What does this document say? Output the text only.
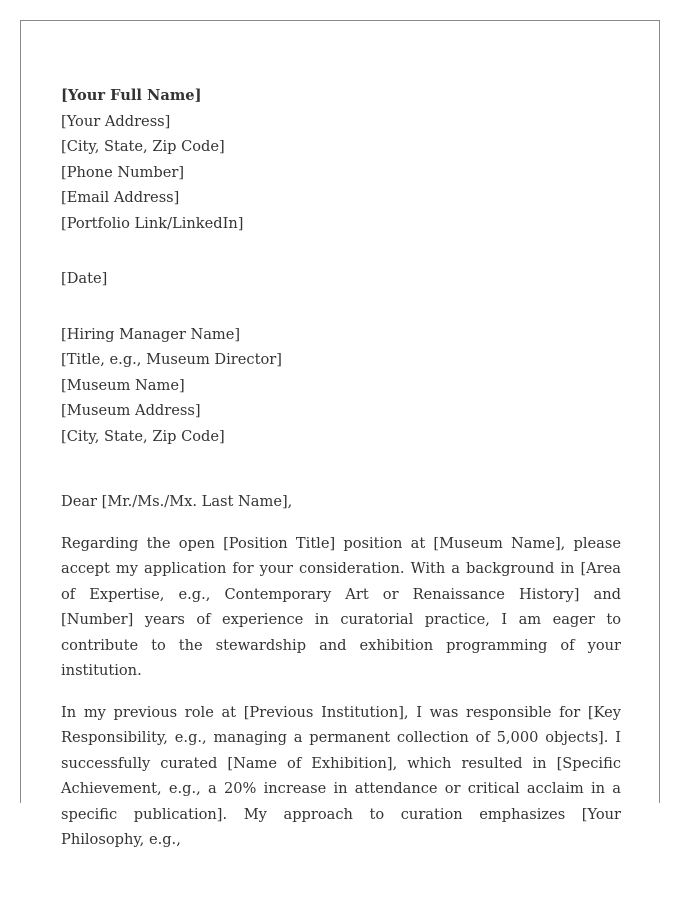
[Your Full Name]
[Your Address]
[City, State, Zip Code]
[Phone Number]
[Email Address]
[Portfolio Link/LinkedIn]
[Date]
[Hiring Manager Name]
[Title, e.g., Museum Director]
[Museum Name]
[Museum Address]
[City, State, Zip Code]

Dear [Mr./Ms./Mx. Last Name],

Regarding the open [Position Title] position at [Museum Name], please accept my application for your consideration. With a background in [Area of Expertise, e.g., Contemporary Art or Renaissance History] and [Number] years of experience in curatorial practice, I am eager to contribute to the stewardship and exhibition programming of your institution.

In my previous role at [Previous Institution], I was responsible for [Key Responsibility, e.g., managing a permanent collection of 5,000 objects]. I successfully curated [Name of Exhibition], which resulted in [Specific Achievement, e.g., a 20% increase in attendance or critical acclaim in a specific publication]. My approach to curation emphasizes [Your Philosophy, e.g.,
